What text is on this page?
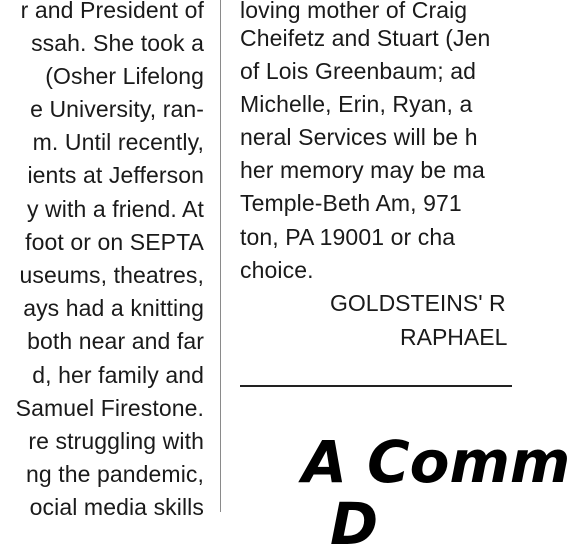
r and President of
ssah. She took a
(Osher Lifelong
e University, ran-
m. Until recently,
ients at Jefferson
y with a friend. At
foot or on SEPTA
useums, theatres,
ays had a knitting
both near and far
d, her family and
Samuel Firestone.
re struggling with
ng the pandemic,
ocial media skills
loving mother of Craig
Cheifetz and Stuart (Jen
of Lois Greenbaum; ad
Michelle, Erin, Ryan, a
neral Services will be h
her memory may be ma
Temple-Beth Am, 971
ton, PA 19001 or cha
choice.
GOLDSTEINS' R
RAPHAEL
A Comm
D
